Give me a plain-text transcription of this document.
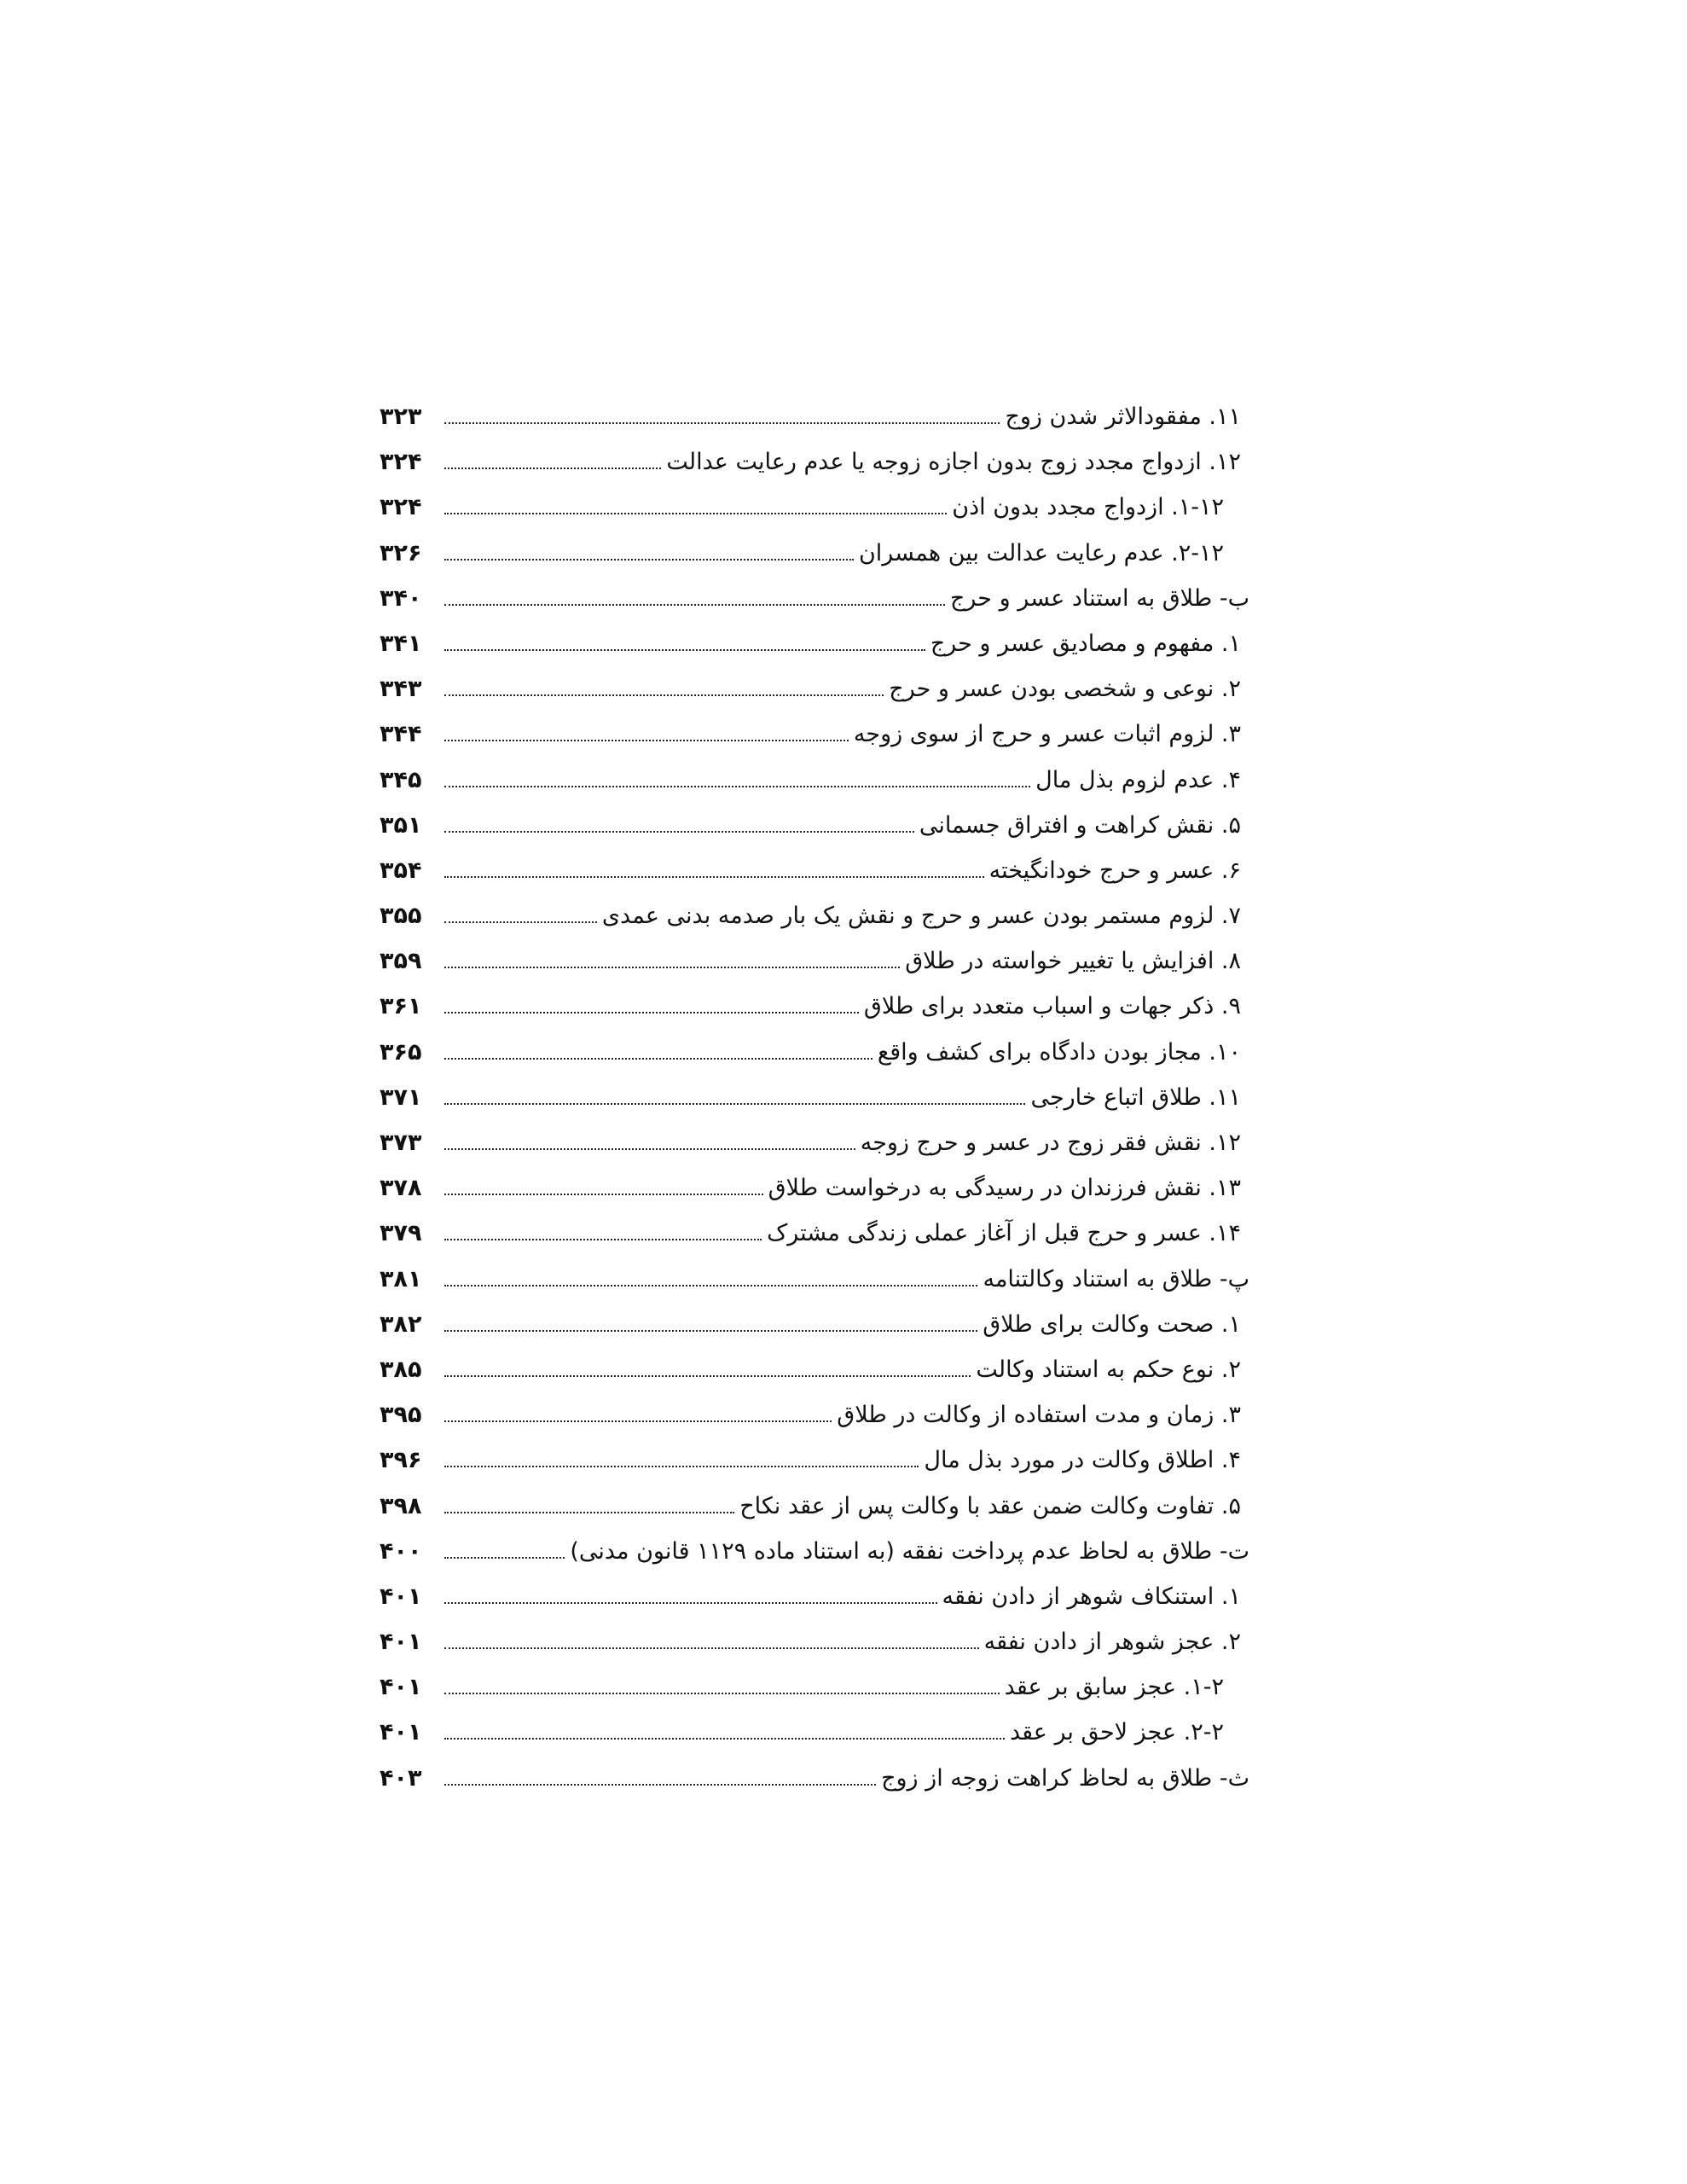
۱۱. مفقودالاثر شدن زوج
۳۲۳
۱۲. ازدواج مجدد زوج بدون اجازه زوجه یا عدم رعایت عدالت
۳۲۴
۱-۱۲. ازدواج مجدد بدون اذن
۳۲۴
۲-۱۲. عدم رعایت عدالت بین همسران
۳۲۶
ب- طلاق به استناد عسر و حرج
۳۴۰
۱. مفهوم و مصادیق عسر و حرج
۳۴۱
۲. نوعی و شخصی بودن عسر و حرج
۳۴۳
۳. لزوم اثبات عسر و حرج از سوی زوجه
۳۴۴
۴. عدم لزوم بذل مال
۳۴۵
۵. نقش کراهت و افتراق جسمانی
۳۵۱
۶. عسر و حرج خودانگیخته
۳۵۴
۷. لزوم مستمر بودن عسر و حرج و نقش یک بار صدمه بدنی عمدی
۳۵۵
۸. افزایش یا تغییر خواسته در طلاق
۳۵۹
۹. ذکر جهات و اسباب متعدد برای طلاق
۳۶۱
۱۰. مجاز بودن دادگاه برای کشف واقع
۳۶۵
۱۱. طلاق اتباع خارجی
۳۷۱
۱۲. نقش فقر زوج در عسر و حرج زوجه
۳۷۳
۱۳. نقش فرزندان در رسیدگی به درخواست طلاق
۳۷۸
۱۴. عسر و حرج قبل از آغاز عملی زندگی مشترک
۳۷۹
پ- طلاق به استناد وکالتنامه
۳۸۱
۱. صحت وکالت برای طلاق
۳۸۲
۲. نوع حکم به استناد وکالت
۳۸۵
۳. زمان و مدت استفاده از وکالت در طلاق
۳۹۵
۴. اطلاق وکالت در مورد بذل مال
۳۹۶
۵. تفاوت وکالت ضمن عقد با وکالت پس از عقد نکاح
۳۹۸
ت- طلاق به لحاظ عدم پرداخت نفقه (به استناد ماده ۱۱۲۹ قانون مدنی)
۴۰۰
۱. استنکاف شوهر از دادن نفقه
۴۰۱
۲. عجز شوهر از دادن نفقه
۴۰۱
۱-۲. عجز سابق بر عقد
۴۰۱
۲-۲. عجز لاحق بر عقد
۴۰۱
ث- طلاق به لحاظ کراهت زوجه از زوج
۴۰۳
